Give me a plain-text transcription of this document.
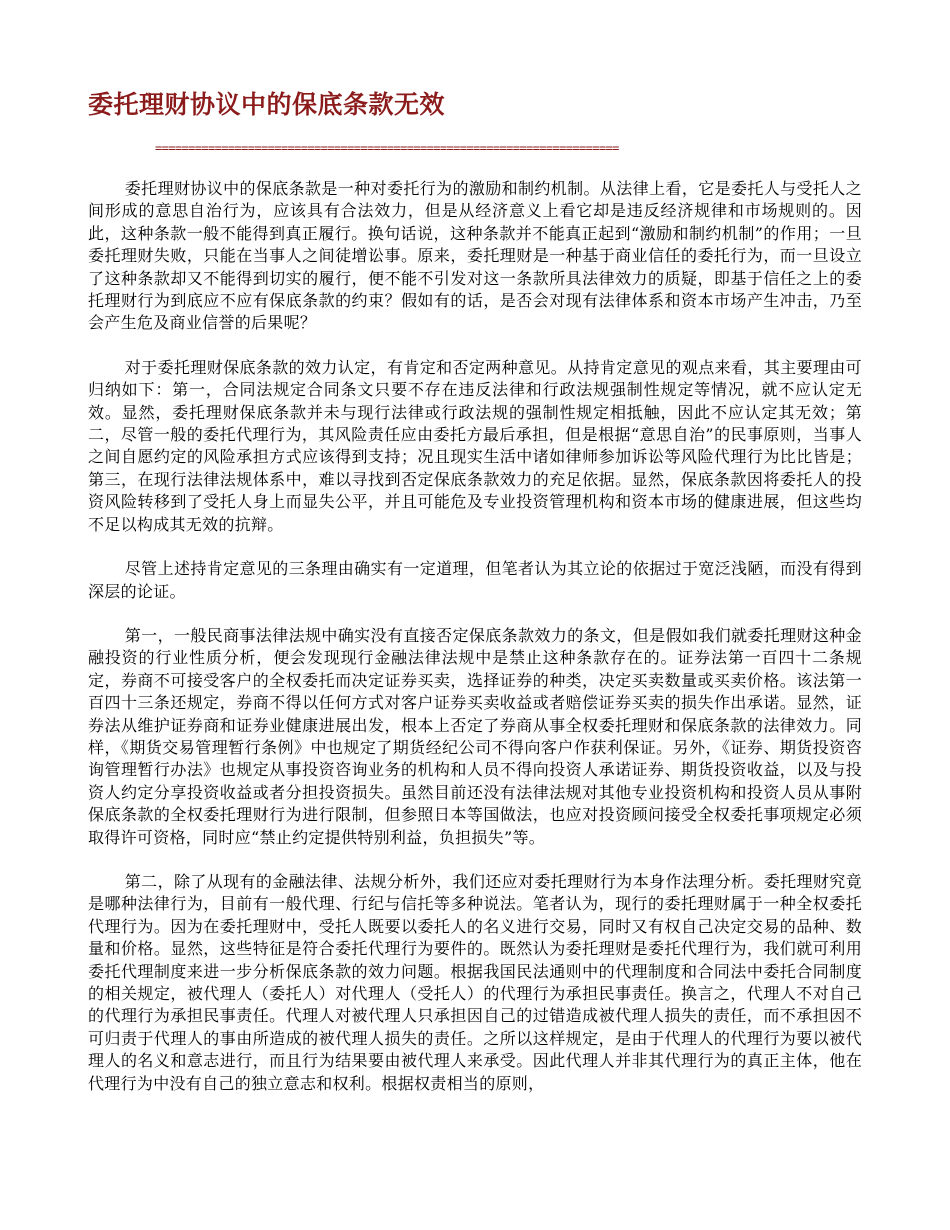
委托理财协议中的保底条款无效
======================================================================

委托理财协议中的保底条款是一种对委托行为的激励和制约机制。从法律上看，它是委托人与受托人之间形成的意思自治行为，应该具有合法效力，但是从经济意义上看它却是违反经济规律和市场规则的。因此，这种条款一般不能得到真正履行。换句话说，这种条款并不能真正起到“激励和制约机制”的作用；一旦委托理财失败，只能在当事人之间徒增讼事。原来，委托理财是一种基于商业信任的委托行为，而一旦设立了这种条款却又不能得到切实的履行，便不能不引发对这一条款所具法律效力的质疑，即基于信任之上的委托理财行为到底应不应有保底条款的约束？假如有的话，是否会对现有法律体系和资本市场产生冲击，乃至会产生危及商业信誉的后果呢？

对于委托理财保底条款的效力认定，有肯定和否定两种意见。从持肯定意见的观点来看，其主要理由可归纳如下：第一，合同法规定合同条文只要不存在违反法律和行政法规强制性规定等情况，就不应认定无效。显然，委托理财保底条款并未与现行法律或行政法规的强制性规定相抵触，因此不应认定其无效；第二，尽管一般的委托代理行为，其风险责任应由委托方最后承担，但是根据“意思自治”的民事原则，当事人之间自愿约定的风险承担方式应该得到支持；况且现实生活中诸如律师参加诉讼等风险代理行为比比皆是；第三，在现行法律法规体系中，难以寻找到否定保底条款效力的充足依据。显然，保底条款因将委托人的投资风险转移到了受托人身上而显失公平，并且可能危及专业投资管理机构和资本市场的健康进展，但这些均不足以构成其无效的抗辩。

尽管上述持肯定意见的三条理由确实有一定道理，但笔者认为其立论的依据过于宽泛浅陋，而没有得到深层的论证。

第一，一般民商事法律法规中确实没有直接否定保底条款效力的条文，但是假如我们就委托理财这种金融投资的行业性质分析，便会发现现行金融法律法规中是禁止这种条款存在的。证券法第一百四十二条规定，券商不可接受客户的全权委托而决定证券买卖，选择证券的种类，决定买卖数量或买卖价格。该法第一百四十三条还规定，券商不得以任何方式对客户证券买卖收益或者赔偿证券买卖的损失作出承诺。显然，证券法从维护证券商和证券业健康进展出发，根本上否定了券商从事全权委托理财和保底条款的法律效力。同样，《期货交易管理暂行条例》中也规定了期货经纪公司不得向客户作获利保证。另外，《证券、期货投资咨询管理暂行办法》也规定从事投资咨询业务的机构和人员不得向投资人承诺证券、期货投资收益，以及与投资人约定分享投资收益或者分担投资损失。虽然目前还没有法律法规对其他专业投资机构和投资人员从事附保底条款的全权委托理财行为进行限制，但参照日本等国做法，也应对投资顾问接受全权委托事项规定必须取得许可资格，同时应“禁止约定提供特别利益，负担损失”等。

第二，除了从现有的金融法律、法规分析外，我们还应对委托理财行为本身作法理分析。委托理财究竟是哪种法律行为，目前有一般代理、行纪与信托等多种说法。笔者认为，现行的委托理财属于一种全权委托代理行为。因为在委托理财中，受托人既要以委托人的名义进行交易，同时又有权自己决定交易的品种、数量和价格。显然，这些特征是符合委托代理行为要件的。既然认为委托理财是委托代理行为，我们就可利用委托代理制度来进一步分析保底条款的效力问题。根据我国民法通则中的代理制度和合同法中委托合同制度的相关规定，被代理人（委托人）对代理人（受托人）的代理行为承担民事责任。换言之，代理人不对自己的代理行为承担民事责任。代理人对被代理人只承担因自己的过错造成被代理人损失的责任，而不承担因不可归责于代理人的事由所造成的被代理人损失的责任。之所以这样规定，是由于代理人的代理行为要以被代理人的名义和意志进行，而且行为结果要由被代理人来承受。因此代理人并非其代理行为的真正主体，他在代理行为中没有自己的独立意志和权利。根据权责相当的原则，
